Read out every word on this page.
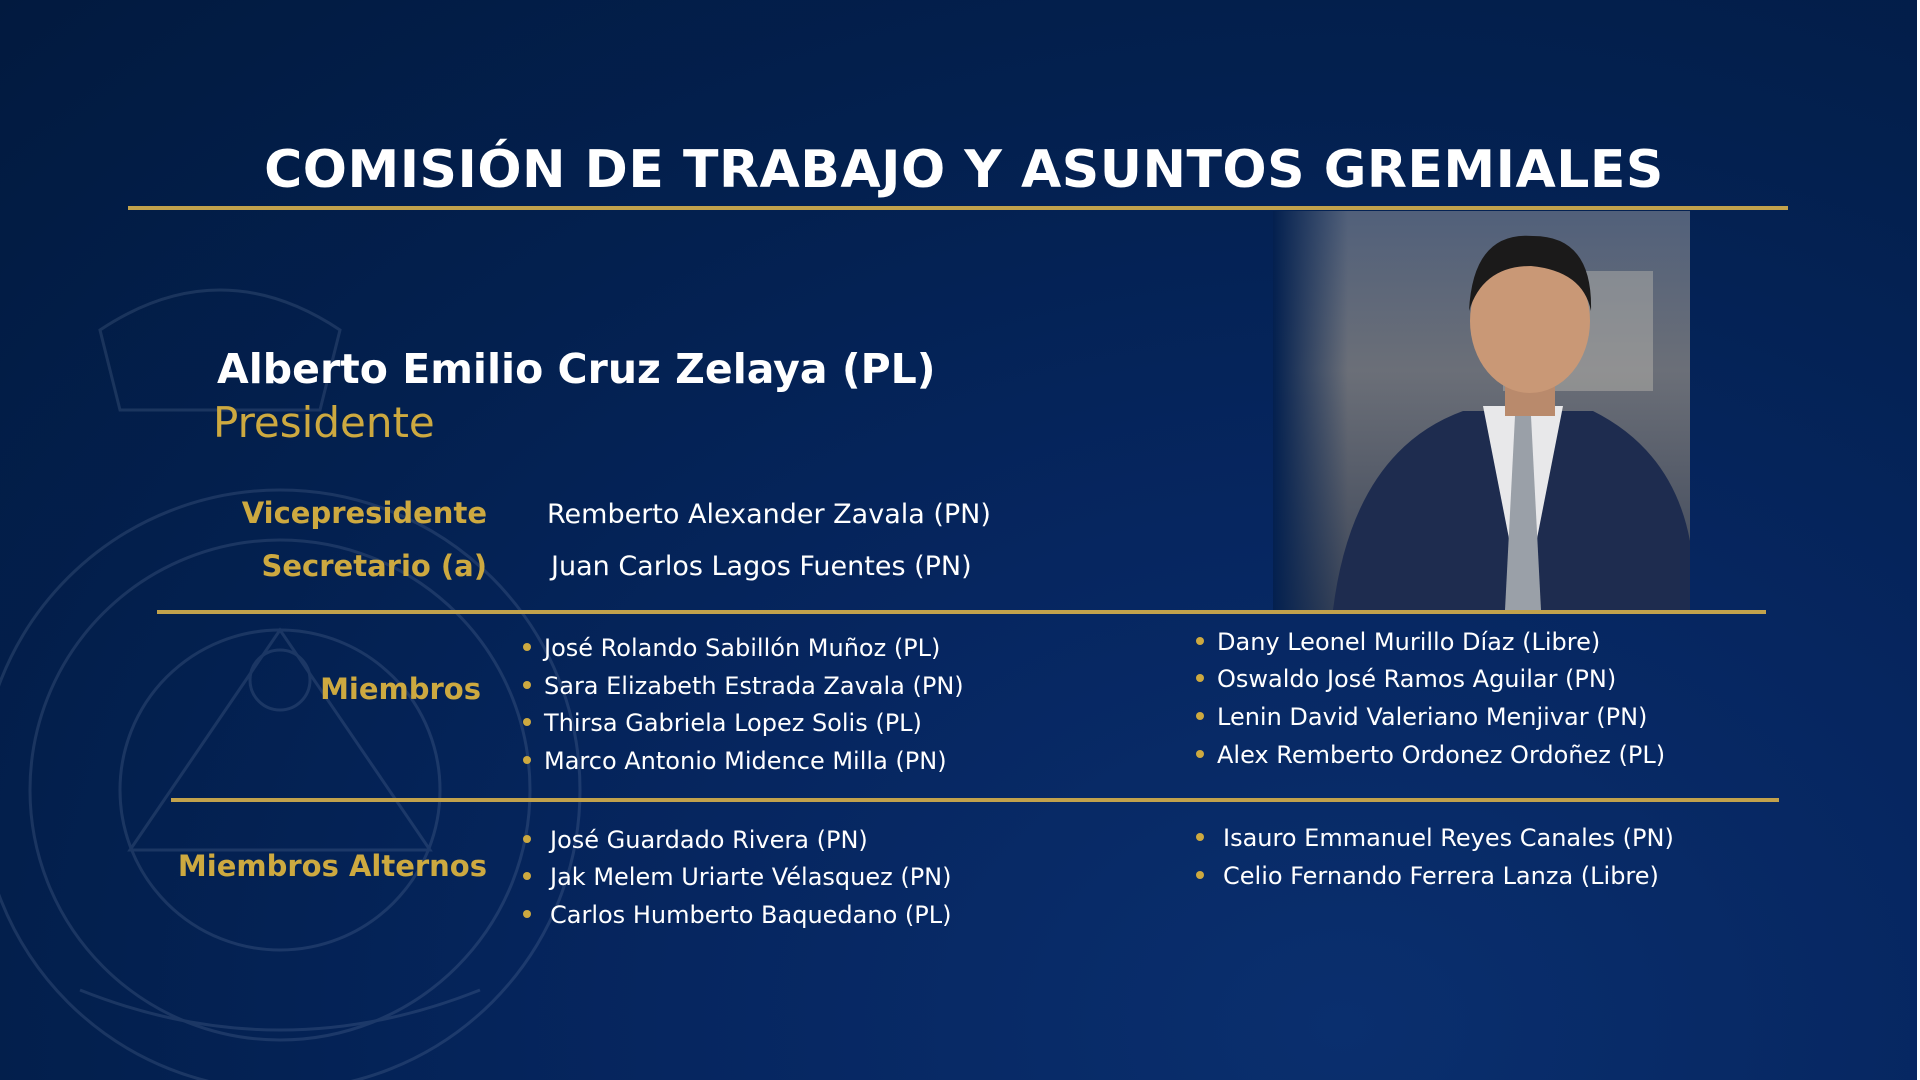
COMISIÓN DE TRABAJO Y ASUNTOS GREMIALES
Alberto Emilio Cruz Zelaya (PL)
Presidente
Vicepresidente Remberto Alexander Zavala (PN)
Secretario (a) Juan Carlos Lagos Fuentes (PN)
Miembros
José Rolando Sabillón Muñoz (PL)
Sara Elizabeth Estrada Zavala (PN)
Thirsa Gabriela Lopez Solis (PL)
Marco Antonio Midence Milla (PN)
Dany Leonel Murillo Díaz (Libre)
Oswaldo José Ramos Aguilar (PN)
Lenin David Valeriano Menjivar (PN)
Alex Remberto Ordonez Ordoñez (PL)
Miembros Alternos
José Guardado Rivera (PN)
Jak Melem Uriarte Vélasquez (PN)
Carlos Humberto Baquedano (PL)
Isauro Emmanuel Reyes Canales (PN)
Celio Fernando Ferrera Lanza (Libre)
